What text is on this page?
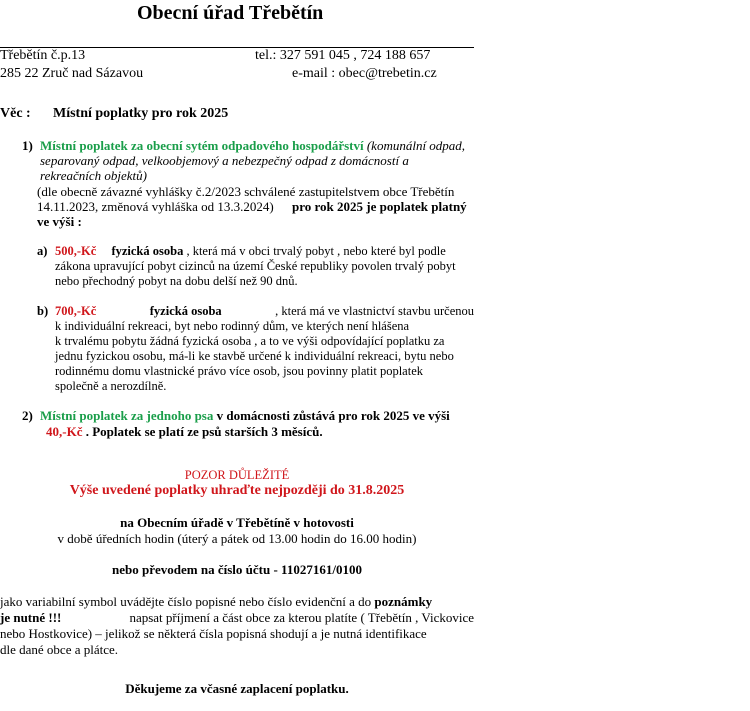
Obecní úřad Třebětín
Třebětín č.p.13
285 22 Zruč nad Sázavou
tel.: 327 591 045 , 724 188 657
e-mail : obec@trebetin.cz
Věc : Místní poplatky pro rok 2025
1) Místní poplatek za obecní sytém odpadového hospodářství (komunální odpad,
separovaný odpad, velkoobjemový a nebezpečný odpad z domácností a
rekreačních objektů)
(dle obecně závazné vyhlášky č.2/2023 schválené zastupitelstvem obce Třebětín
14.11.2023, změnová vyhláška od 13.3.2024) pro rok 2025 je poplatek platný
ve výši :
a) 500,-Kč fyzická osoba , která má v obci trvalý pobyt , nebo které byl podle
zákona upravující pobyt cizinců na území České republiky povolen trvalý pobyt
nebo přechodný pobyt na dobu delší než 90 dnů.
b) 700,-Kč	fyzická osoba	, která má ve vlastnictví stavbu určenou
k individuální rekreaci, byt nebo rodinný dům, ve kterých není hlášena
k trvalému pobytu žádná fyzická osoba , a to ve výši odpovídající poplatku za
jednu fyzickou osobu, má-li ke stavbě určené k individuální rekreaci, bytu nebo
rodinnému domu vlastnické právo více osob, jsou povinny platit poplatek
společně a nerozdílně.
2) Místní poplatek za jednoho psa v domácnosti zůstává pro rok 2025 ve výši
40,-Kč . Poplatek se platí ze psů starších 3 měsíců.
POZOR DŮLEŽITÉ
Výše uvedené poplatky uhraďte nejpozději do 31.8.2025
na Obecním úřadě v Třebětíně v hotovosti
v době úředních hodin (úterý a pátek od 13.00 hodin do 16.00 hodin)
nebo převodem na číslo účtu - 11027161/0100
jako variabilní symbol uvádějte číslo popisné nebo číslo evidenční a do poznámky
je nutné !!!	napsat příjmení a část obce za kterou platíte ( Třebětín , Vickovice
nebo Hostkovice) – jelikož se některá čísla popisná shodují a je nutná identifikace
dle dané obce a plátce.
Děkujeme za včasné zaplacení poplatku.
